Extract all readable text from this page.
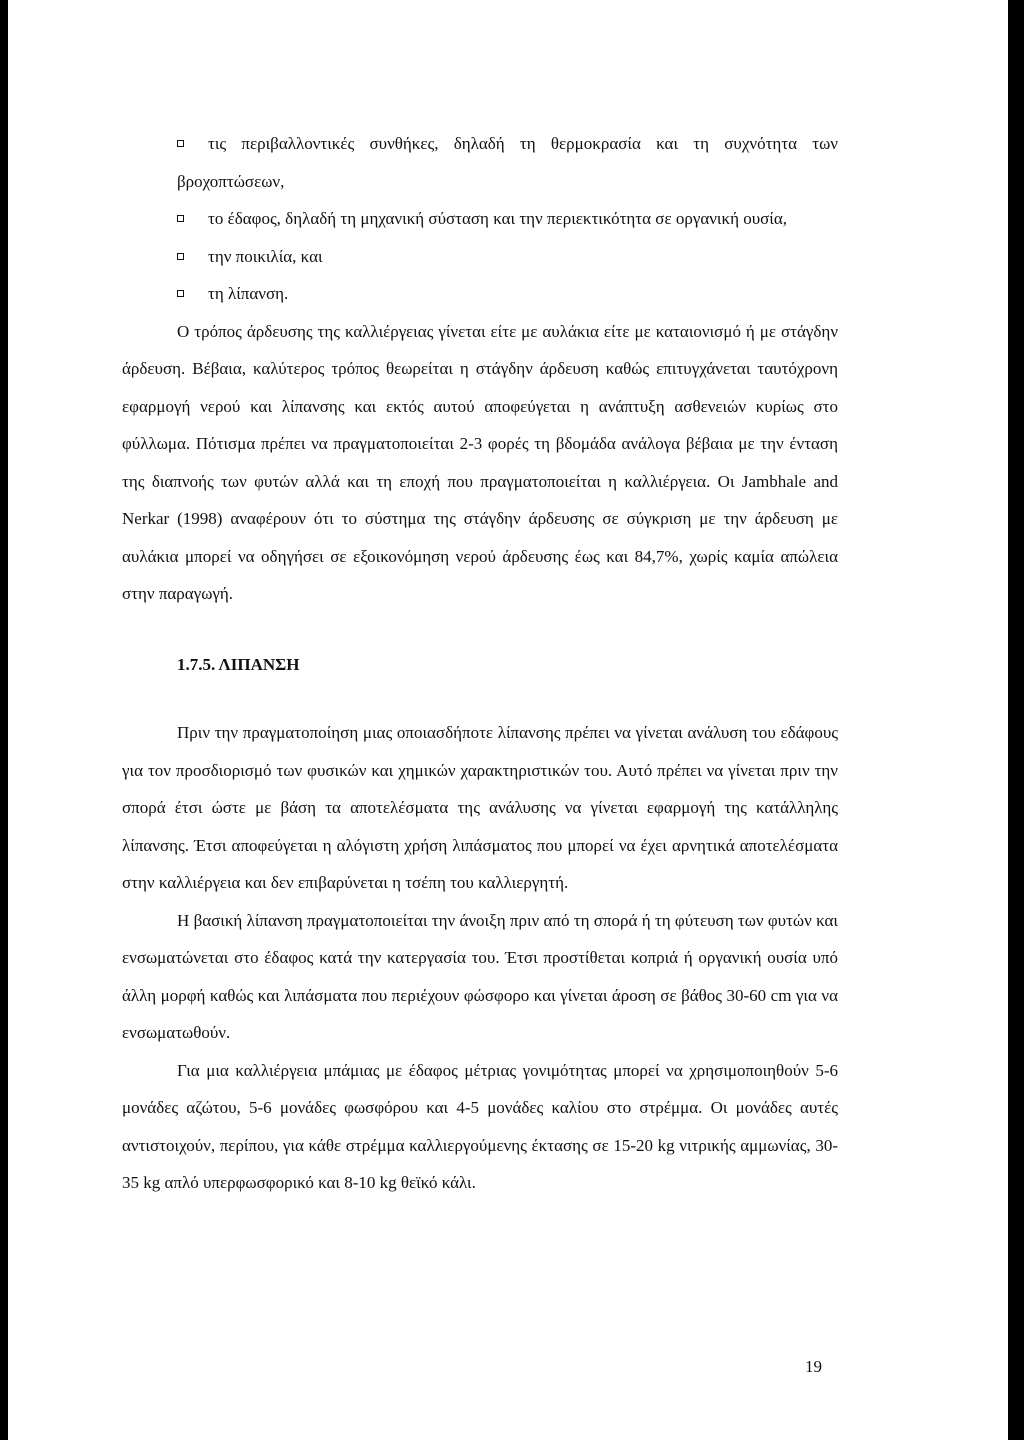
τις περιβαλλοντικές συνθήκες, δηλαδή τη θερμοκρασία και τη συχνότητα των βροχοπτώσεων,

το έδαφος, δηλαδή τη μηχανική σύσταση και την περιεκτικότητα σε οργανική ουσία,

την ποικιλία, και

τη λίπανση.

Ο τρόπος άρδευσης της καλλιέργειας γίνεται είτε με αυλάκια είτε με καταιονισμό ή με στάγδην άρδευση. Βέβαια, καλύτερος τρόπος θεωρείται η στάγδην άρδευση καθώς επιτυγχάνεται ταυτόχρονη εφαρμογή νερού και λίπανσης και εκτός αυτού αποφεύγεται η ανάπτυξη ασθενειών κυρίως στο φύλλωμα. Πότισμα πρέπει να πραγματοποιείται 2-3 φορές τη βδομάδα ανάλογα βέβαια με την ένταση της διαπνοής των φυτών αλλά και τη εποχή που πραγματοποιείται η καλλιέργεια. Οι Jambhale and Nerkar (1998) αναφέρουν ότι το σύστημα της στάγδην άρδευσης σε σύγκριση με την άρδευση με αυλάκια μπορεί να οδηγήσει σε εξοικονόμηση νερού άρδευσης έως και 84,7%, χωρίς καμία απώλεια στην παραγωγή.

1.7.5. ΛΙΠΑΝΣΗ

Πριν την πραγματοποίηση μιας οποιασδήποτε λίπανσης πρέπει να γίνεται ανάλυση του εδάφους για τον προσδιορισμό των φυσικών και χημικών χαρακτηριστικών του. Αυτό πρέπει να γίνεται πριν την σπορά έτσι ώστε με βάση τα αποτελέσματα της ανάλυσης να γίνεται εφαρμογή της κατάλληλης λίπανσης. Έτσι αποφεύγεται η αλόγιστη χρήση λιπάσματος που μπορεί να έχει αρνητικά αποτελέσματα στην καλλιέργεια και δεν επιβαρύνεται η τσέπη του καλλιεργητή.

Η βασική λίπανση πραγματοποιείται την άνοιξη πριν από τη σπορά ή τη φύτευση των φυτών και ενσωματώνεται στο έδαφος κατά την κατεργασία του. Έτσι προστίθεται κοπριά ή οργανική ουσία υπό άλλη μορφή καθώς και λιπάσματα που περιέχουν φώσφορο και γίνεται άροση σε βάθος 30-60 cm για να ενσωματωθούν.

Για μια καλλιέργεια μπάμιας με έδαφος μέτριας γονιμότητας μπορεί να χρησιμοποιηθούν 5-6 μονάδες αζώτου, 5-6 μονάδες φωσφόρου και 4-5 μονάδες καλίου στο στρέμμα. Οι μονάδες αυτές αντιστοιχούν, περίπου, για κάθε στρέμμα καλλιεργούμενης έκτασης σε 15-20 kg νιτρικής αμμωνίας, 30-35 kg απλό υπερφωσφορικό και 8-10 kg θεϊκό κάλι.

19
